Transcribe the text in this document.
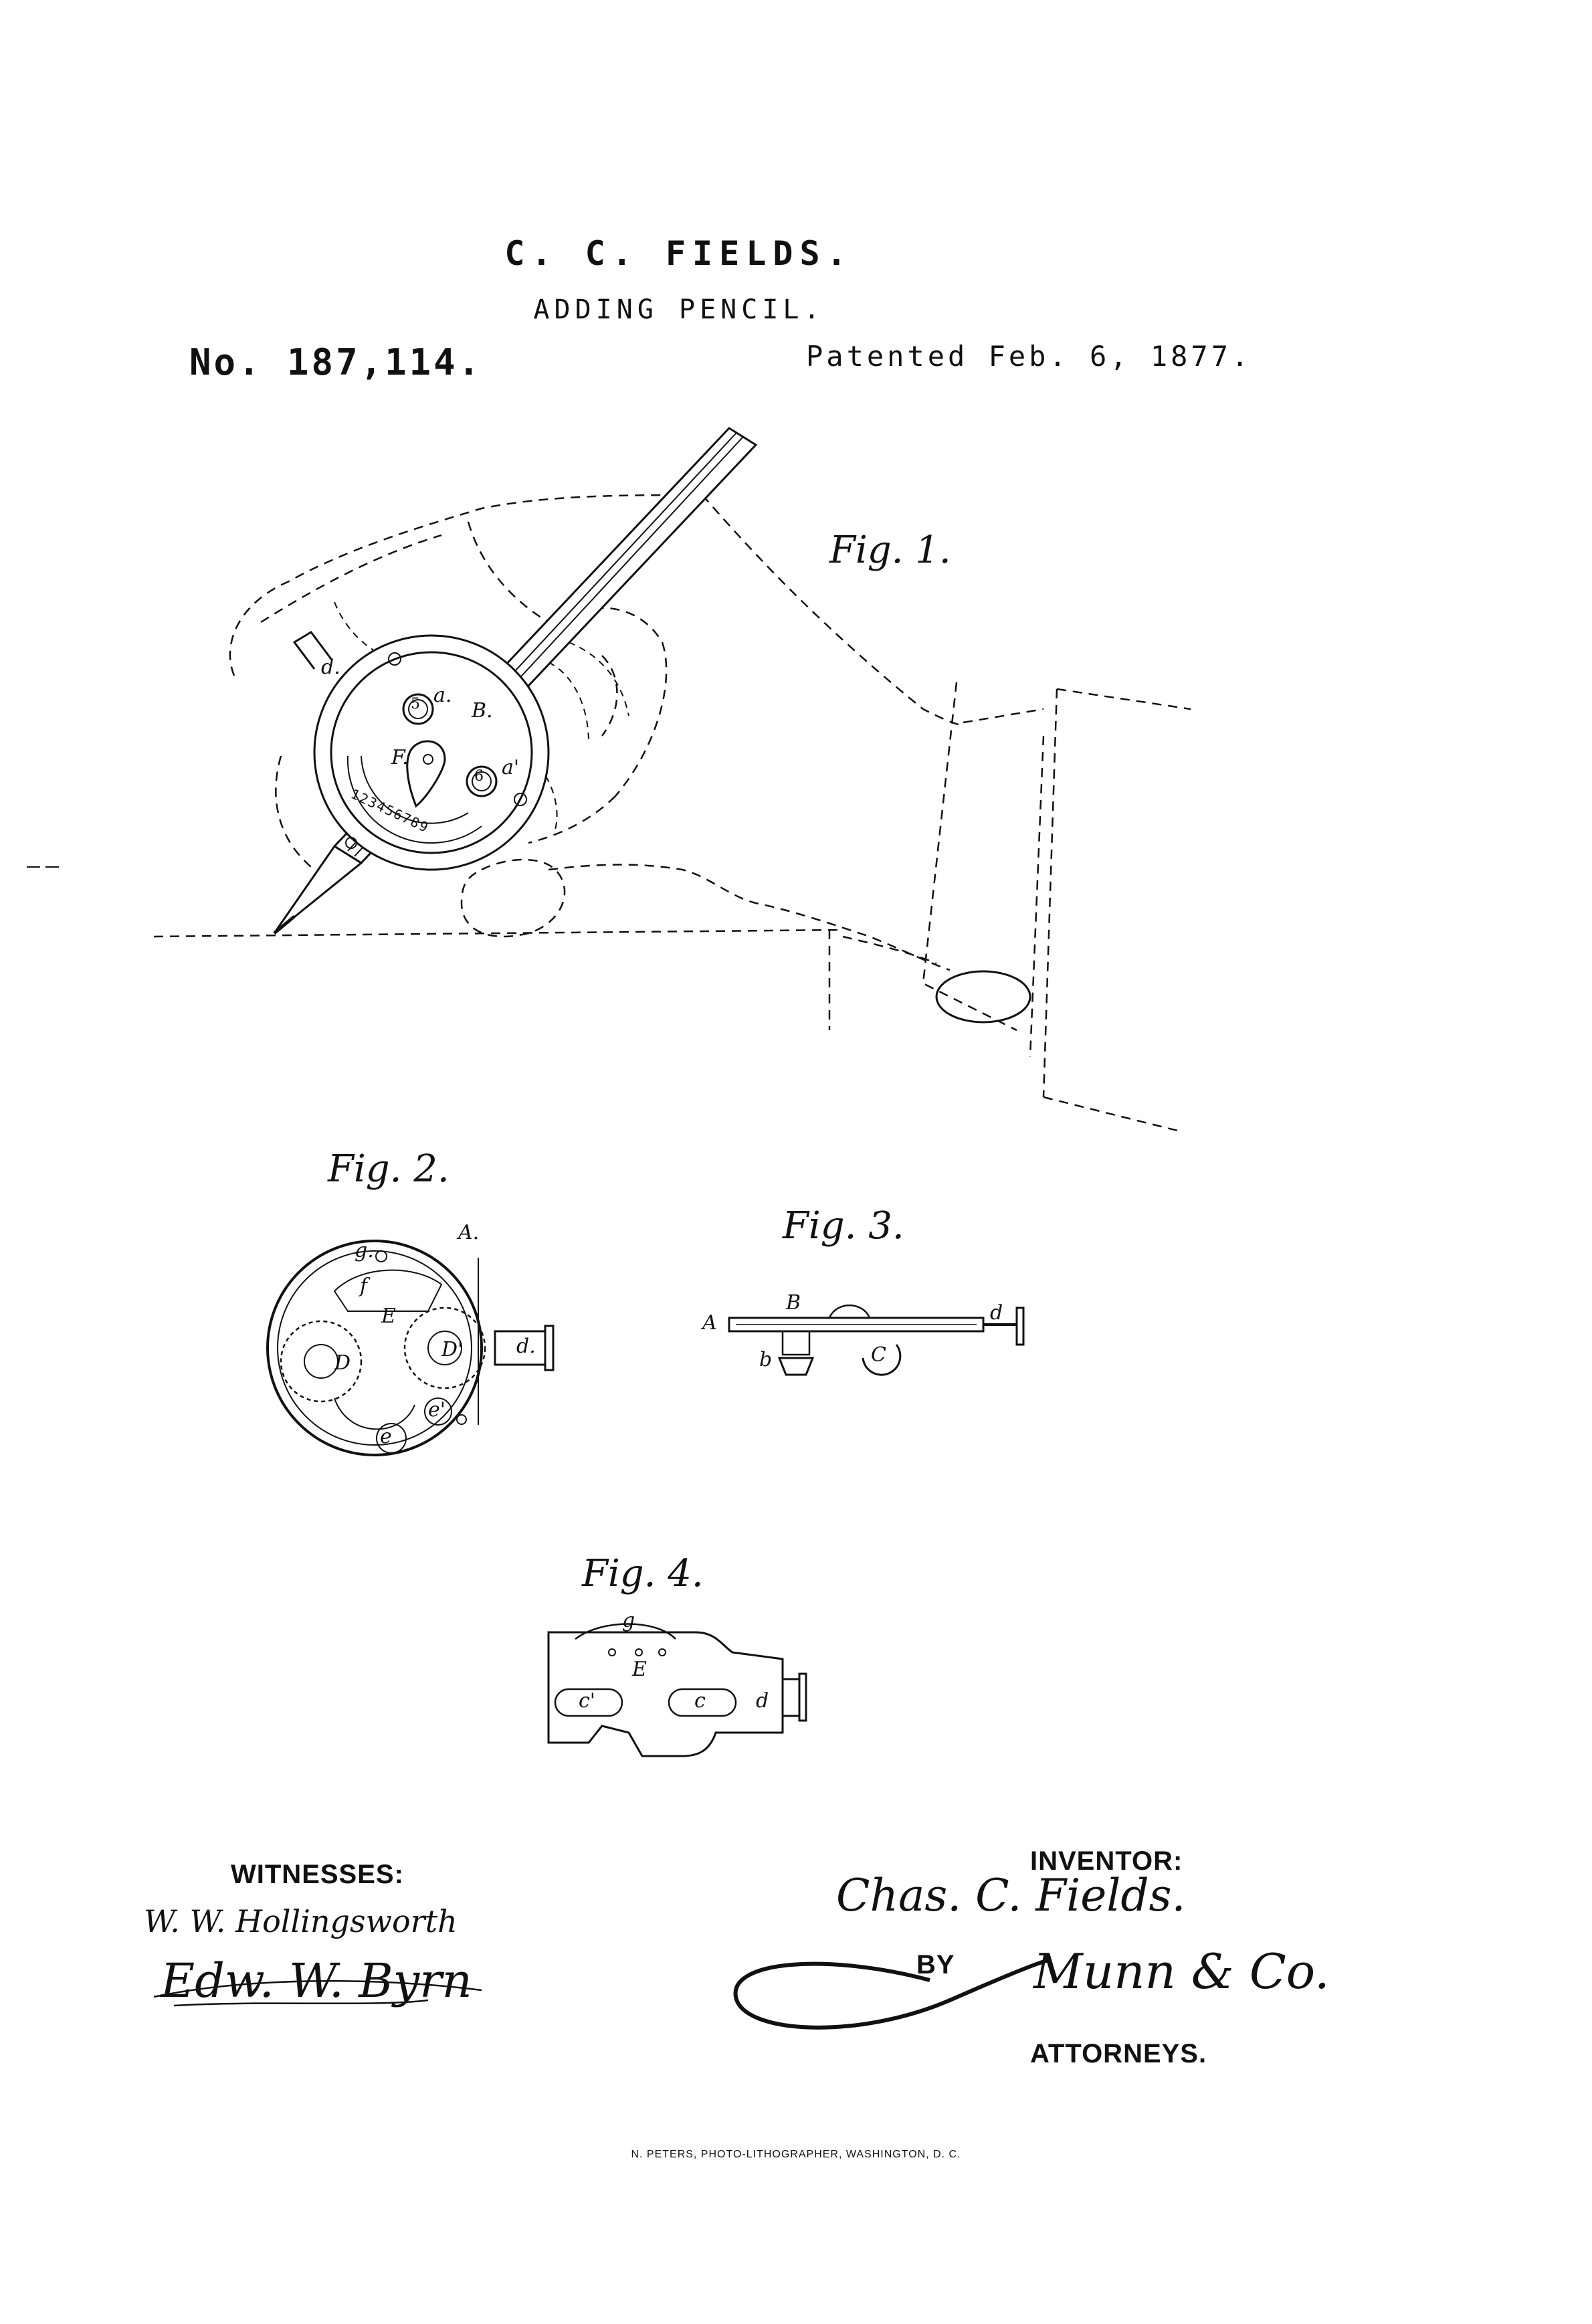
C. C. FIELDS.
ADDING PENCIL.
No. 187,114.	Patented Feb. 6, 1877.
Fig. 1.
d.
a.
B.
F.	a'
5
6
123456789
Fig. 2.
A.
g.
f
E
D
D'	d.
e
e'
Fig. 3.
A
B	d
b	C
Fig. 4.
g
E
c'	c	d
WITNESSES:
W. W. Hollingsworth
Edw. W. Byrn
INVENTOR:
Chas. C. Fields.
BY Munn & Co.
ATTORNEYS.
N. PETERS, PHOTO-LITHOGRAPHER, WASHINGTON, D. C.
